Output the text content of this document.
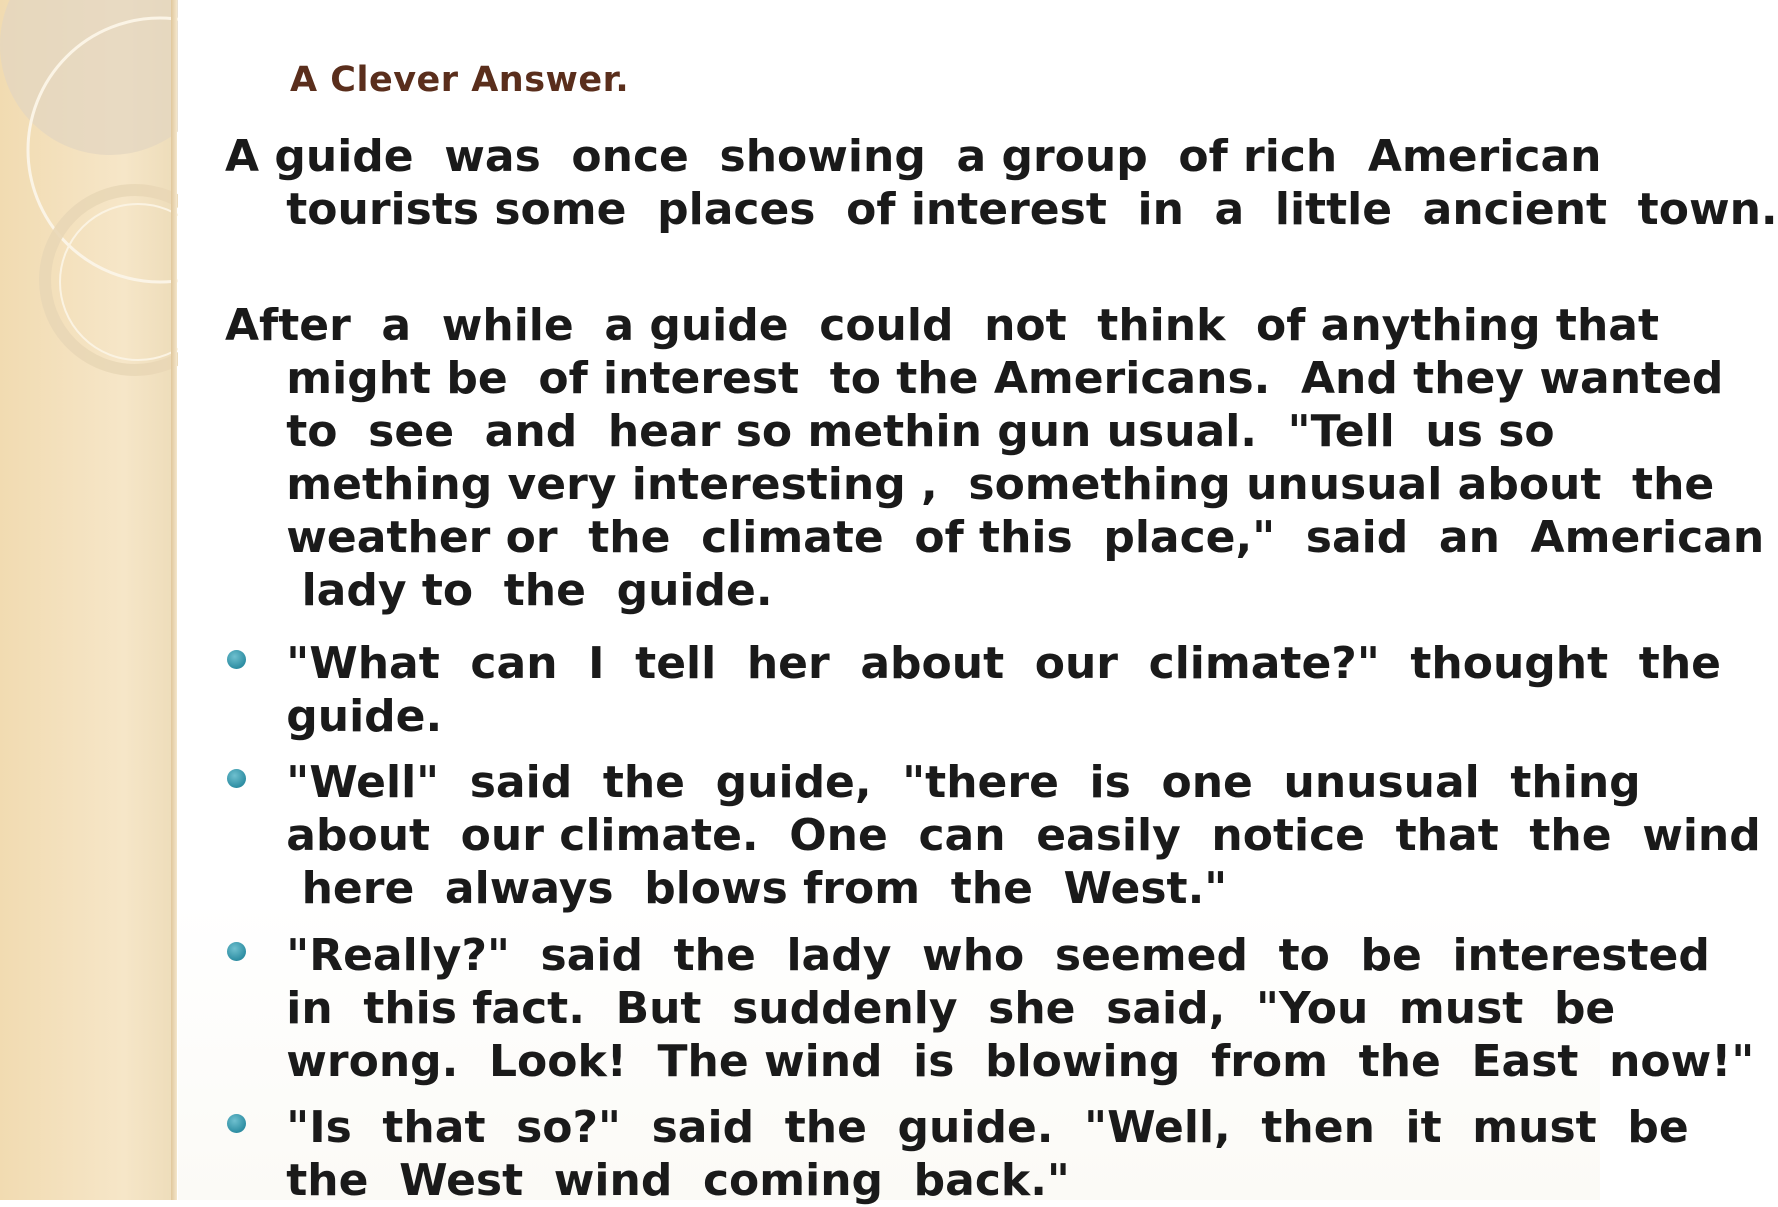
A Clever Answer.

A guide  was  once  showing  a group  of rich  American
tourists some  places  of interest  in  a  little  ancient  town.

After  a  while  a guide  could  not  think  of anything that
might be  of interest  to the Americans.  And they wanted
to  see  and  hear so methin gun usual.  "Tell  us so
mething very interesting ,  something unusual about  the
weather or  the  climate  of this  place,"  said  an  American
lady to  the  guide.

"What  can  I  tell  her  about  our  climate?"  thought  the
guide.

"Well"  said  the  guide,  "there  is  one  unusual  thing
about  our climate.  One  can  easily  notice  that  the  wind
here  always  blows from  the  West."

"Really?"  said  the  lady  who  seemed  to  be  interested
in  this fact.  But  suddenly  she  said,  "You  must  be
wrong.  Look!  The wind  is  blowing  from  the  East  now!"

"Is  that  so?"  said  the  guide.  "Well,  then  it  must  be
the  West  wind  coming  back."
